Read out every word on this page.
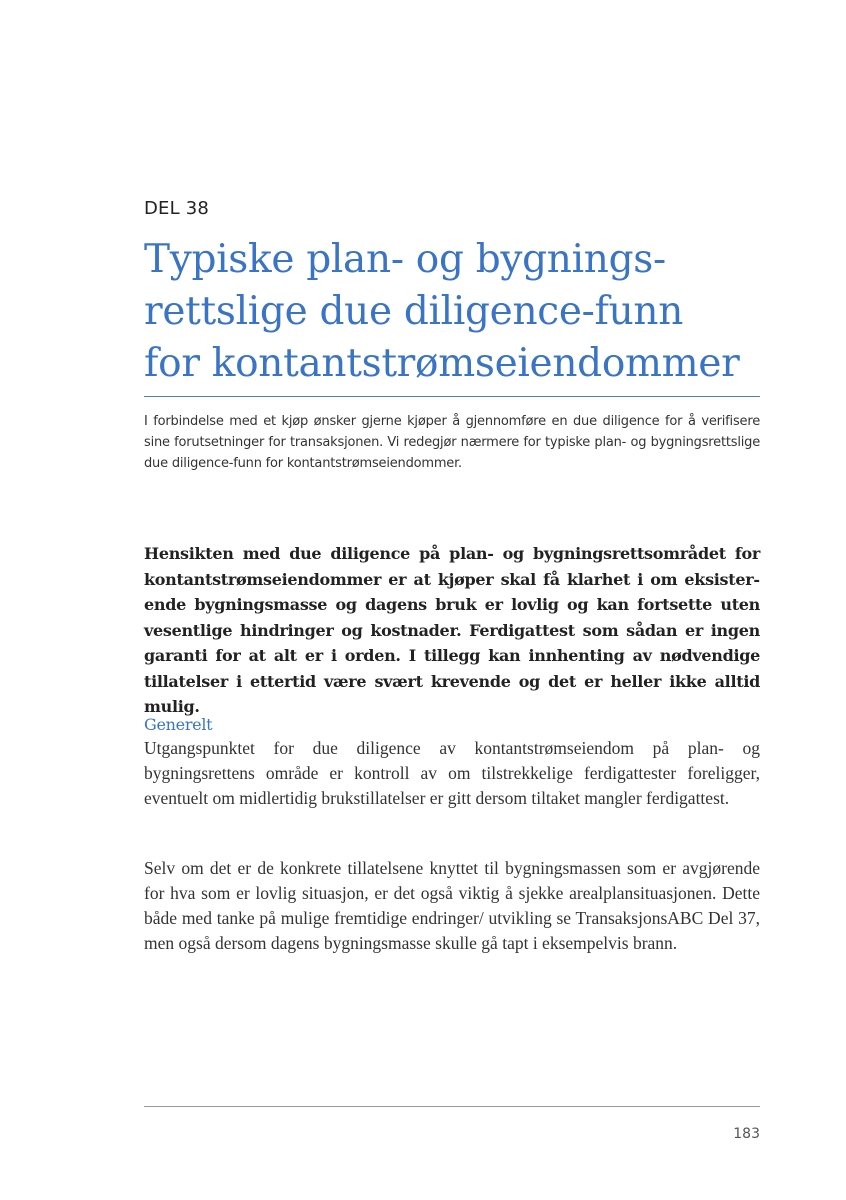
DEL 38
Typiske plan- og bygnings-
rettslige due diligence-funn
for kontantstrømseiendommer
I forbindelse med et kjøp ønsker gjerne kjøper å gjennomføre en due diligence for å verifisere sine forutsetninger for transaksjonen. Vi redegjør nærmere for typiske plan- og bygningsrettslige due diligence-funn for kontantstrømseiendommer.
Hensikten med due diligence på plan- og bygningsrettsområdet for kontantstrømseiendommer er at kjøper skal få klarhet i om eksisterende bygningsmasse og dagens bruk er lovlig og kan fortsette uten vesentlige hindringer og kostnader. Ferdigattest som sådan er ingen garanti for at alt er i orden. I tillegg kan innhenting av nødvendige tillatelser i ettertid være svært krevende og det er heller ikke alltid mulig.
Generelt
Utgangspunktet for due diligence av kontantstrømseiendom på plan- og bygningsrettens område er kontroll av om tilstrekkelige ferdigattester foreligger, eventuelt om midlertidig brukstillatelser er gitt dersom tiltaket mangler ferdigattest.
Selv om det er de konkrete tillatelsene knyttet til bygningsmassen som er avgjørende for hva som er lovlig situasjon, er det også viktig å sjekke arealplansituasjonen. Dette både med tanke på mulige fremtidige endringer/ utvikling se TransaksjonsABC Del 37, men også dersom dagens bygningsmasse skulle gå tapt i eksempelvis brann.
183
